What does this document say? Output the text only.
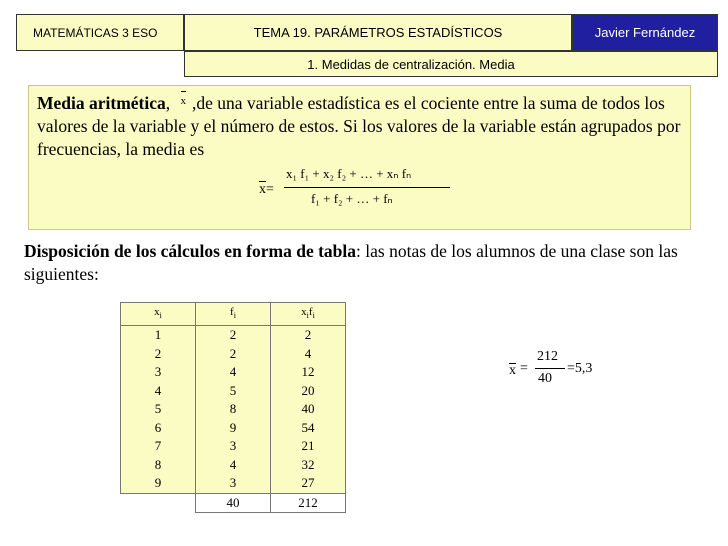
MATEMÁTICAS 3 ESO	TEMA 19. PARÁMETROS ESTADÍSTICOS	Javier Fernández
1. Medidas de centralización. Media
Media aritmética, x ,de una variable estadística es el cociente entre la suma de todos los valores de la variable y el número de estos. Si los valores de la variable están agrupados por frecuencias, la media es
x=
x₁ f₁ + x₂ f₂ + … + xₙ fₙ
f₁ + f₂ + … + fₙ
Disposición de los cálculos en forma de tabla: las notas de los alumnos de una clase son las siguientes:
$x_i$	$f_i$	$x_if_i$
1	2	2
2	2	4
3	4	12
4	5	20
5	8	40
6	9	54
7	3	21
8	4	32
9	3	27
	40	212
x =
212
40
=5,3
